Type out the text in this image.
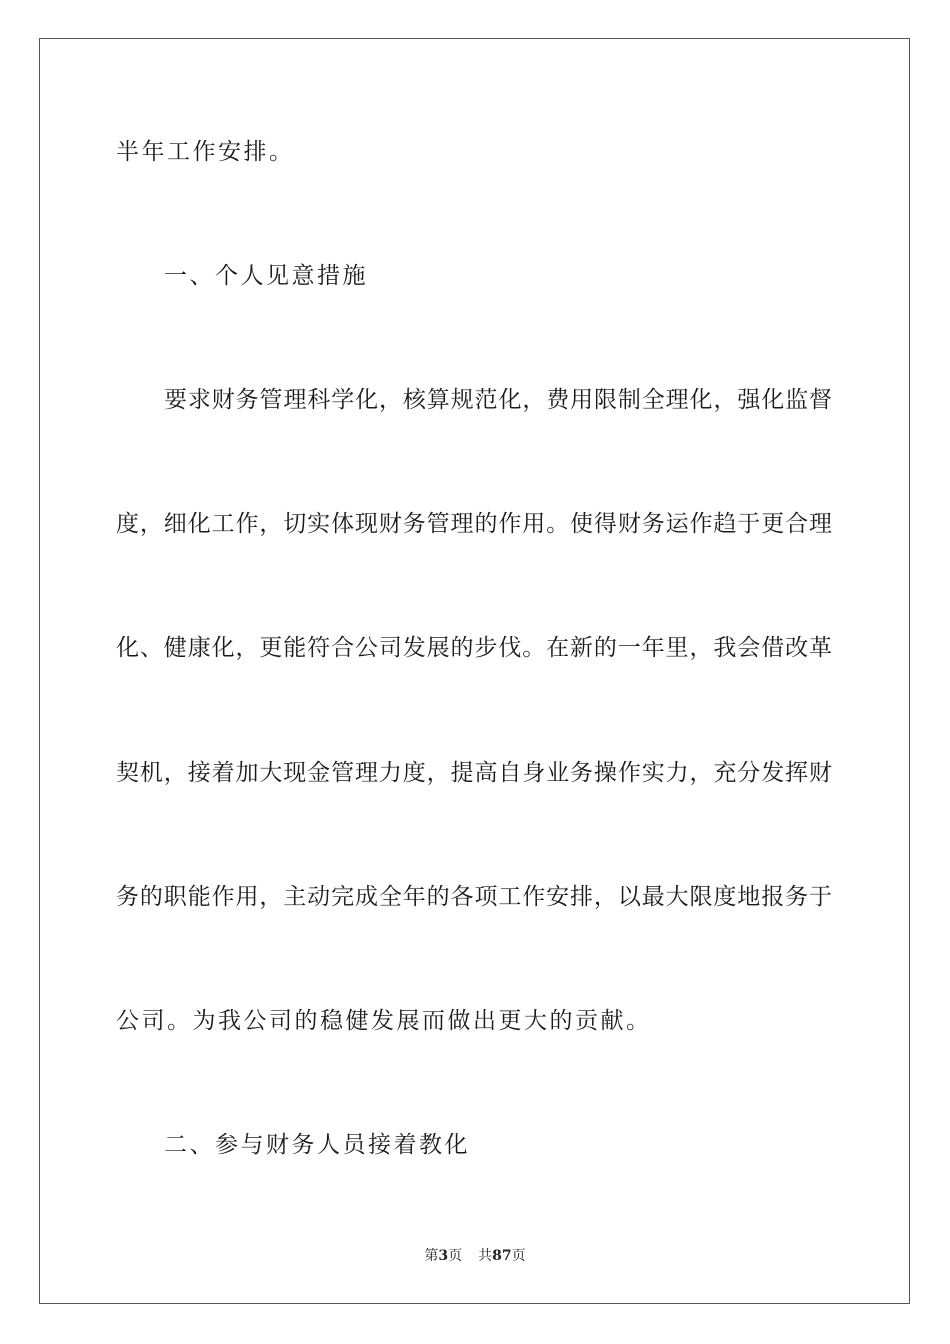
半年工作安排。
一、个人见意措施
要求财务管理科学化，核算规范化，费用限制全理化，强化监督
度，细化工作，切实体现财务管理的作用。使得财务运作趋于更合理
化、健康化，更能符合公司发展的步伐。在新的一年里，我会借改革
契机，接着加大现金管理力度，提高自身业务操作实力，充分发挥财
务的职能作用，主动完成全年的各项工作安排，以最大限度地报务于
公司。为我公司的稳健发展而做出更大的贡献。
二、参与财务人员接着教化
第3页 共87页
